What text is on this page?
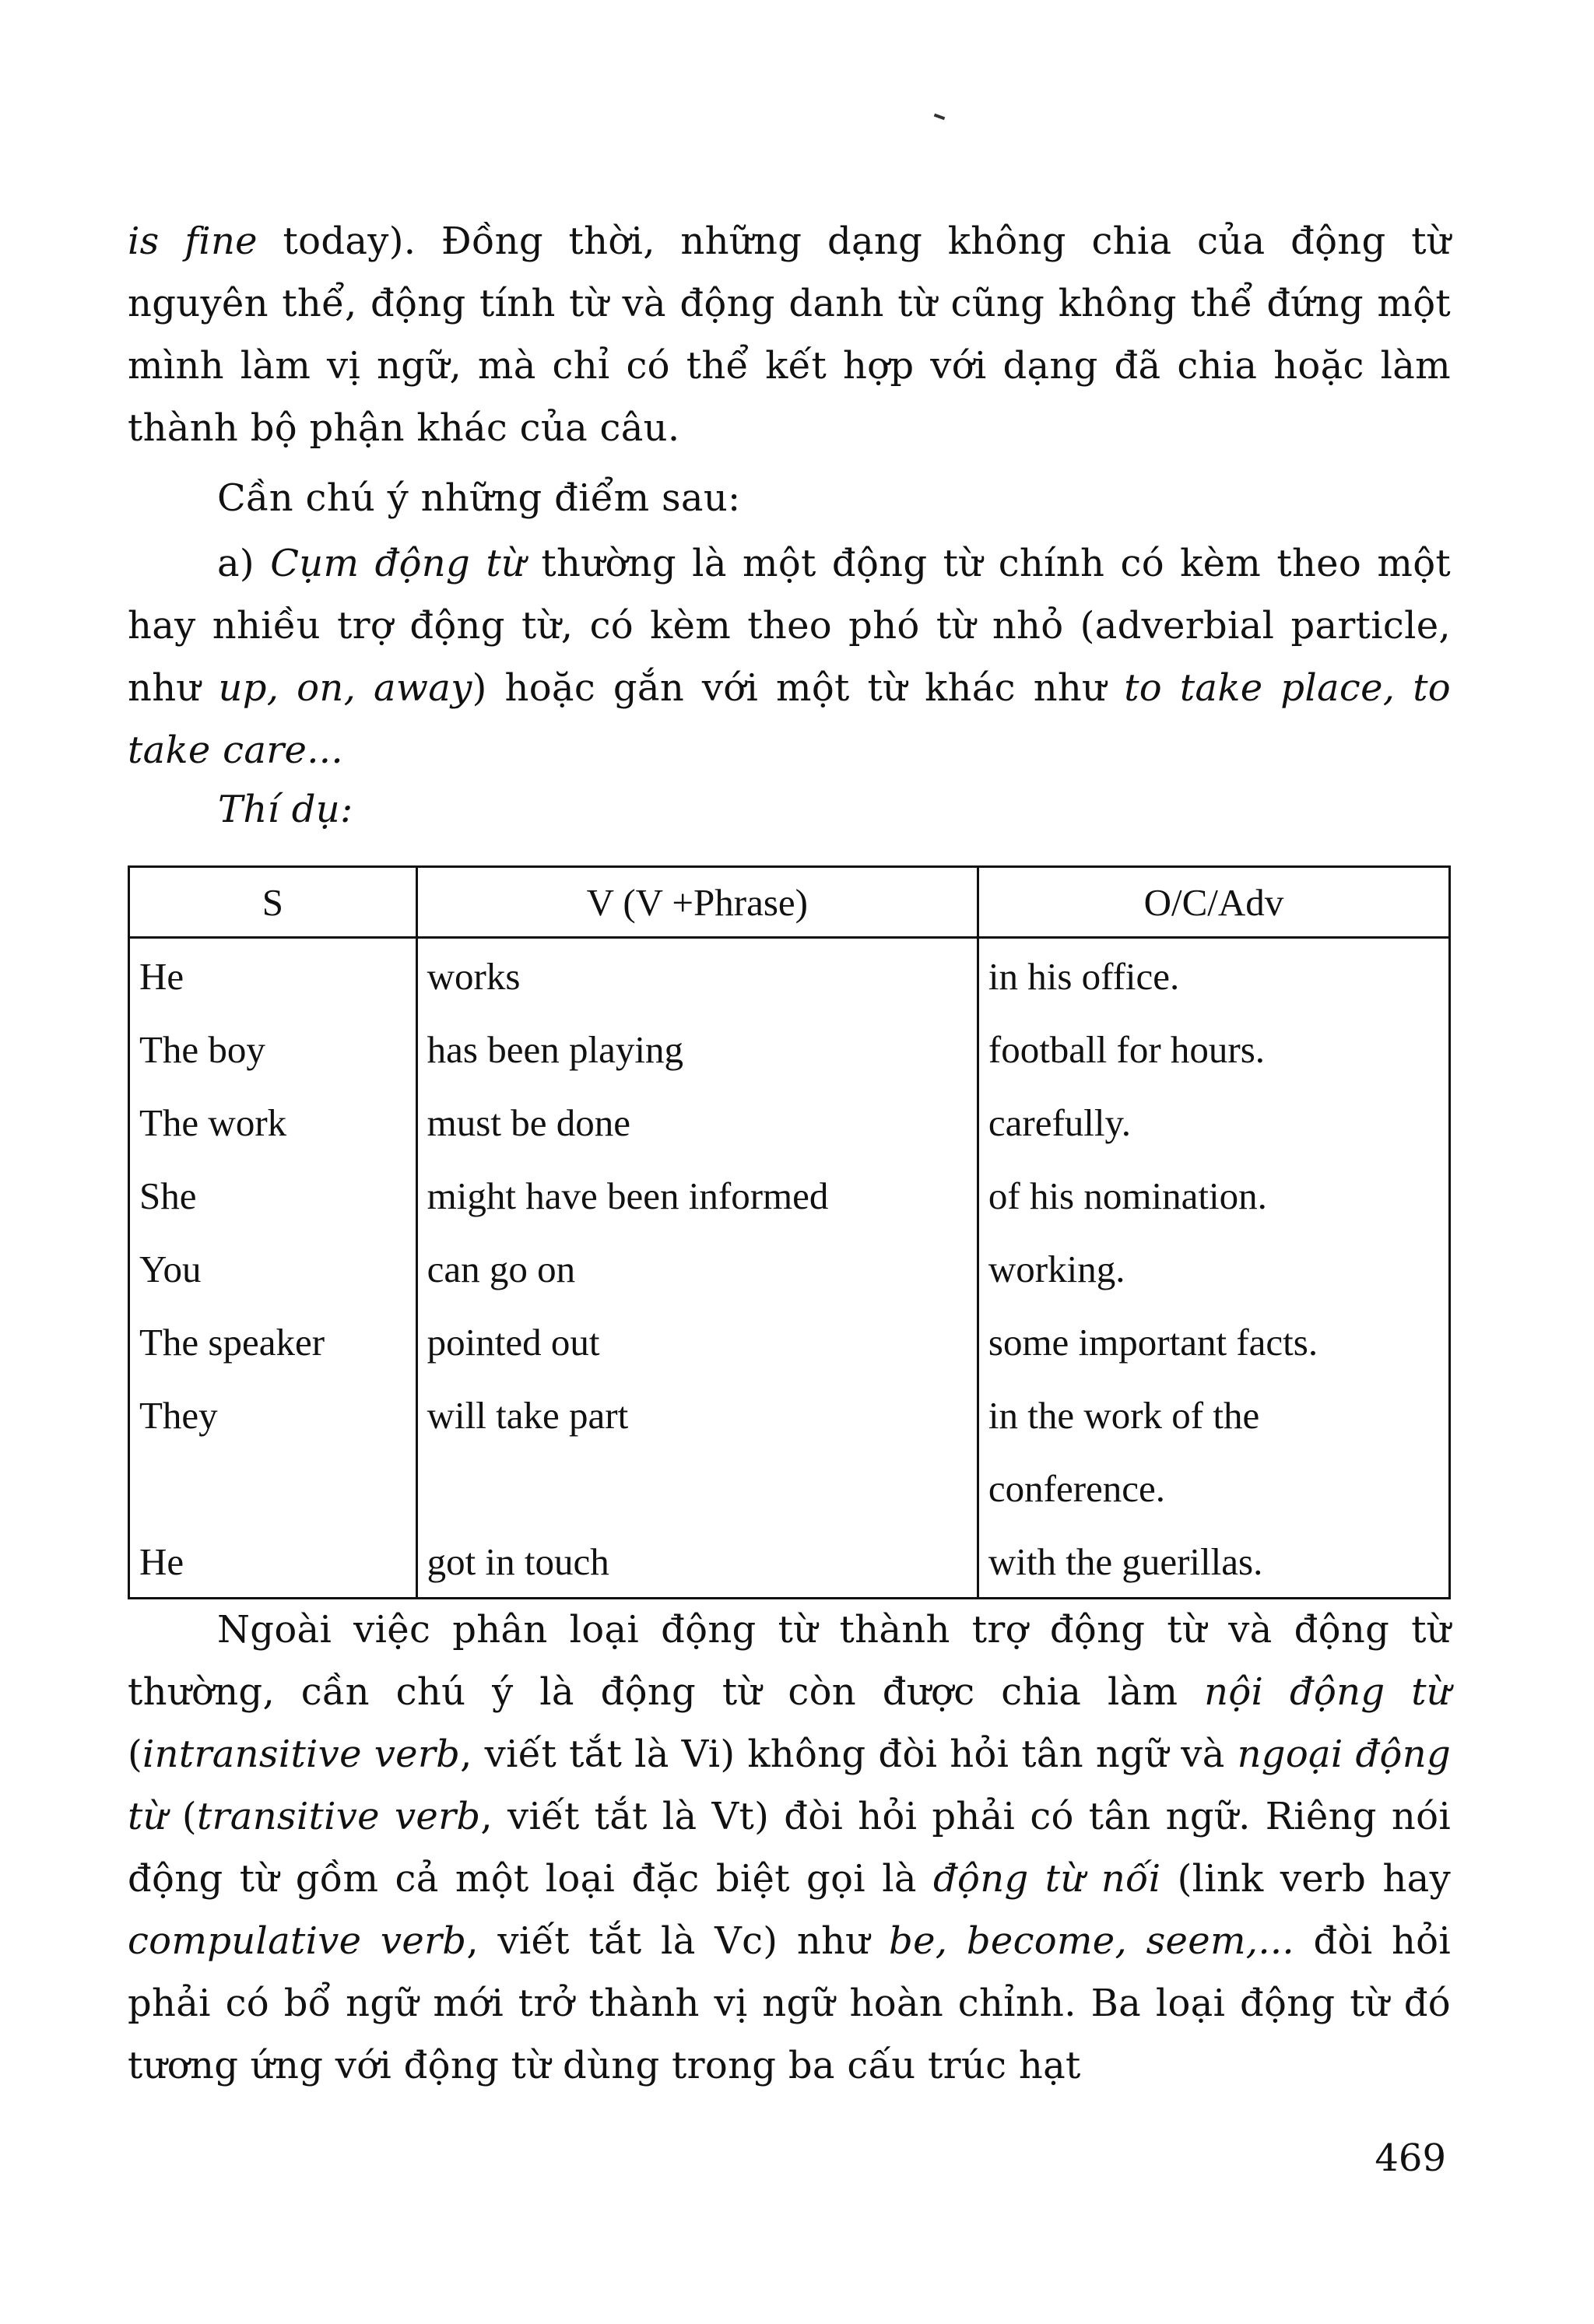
is fine today). Đồng thời, những dạng không chia của động từ nguyên thể, động tính từ và động danh từ cũng không thể đứng một mình làm vị ngữ, mà chỉ có thể kết hợp với dạng đã chia hoặc làm thành bộ phận khác của câu.

Cần chú ý những điểm sau:

a) Cụm động từ thường là một động từ chính có kèm theo một hay nhiều trợ động từ, có kèm theo phó từ nhỏ (adverbial particle, như up, on, away) hoặc gắn với một từ khác như to take place, to take care...

Thí dụ:
S	V (V +Phrase)	O/C/Adv
He	works	in his office.
The boy	has been playing	football for hours.
The work	must be done	carefully.
She	might have been informed	of his nomination.
You	can go on	working.
The speaker	pointed out	some important facts.
They	will take part	in the work of the
		conference.
He	got in touch	with the guerillas.

Ngoài việc phân loại động từ thành trợ động từ và động từ thường, cần chú ý là động từ còn được chia làm nội động từ (intransitive verb, viết tắt là Vi) không đòi hỏi tân ngữ và ngoại động từ (transitive verb, viết tắt là Vt) đòi hỏi phải có tân ngữ. Riêng nói động từ gồm cả một loại đặc biệt gọi là động từ nối (link verb hay compulative verb, viết tắt là Vc) như be, become, seem,... đòi hỏi phải có bổ ngữ mới trở thành vị ngữ hoàn chỉnh. Ba loại động từ đó tương ứng với động từ dùng trong ba cấu trúc hạt

469
